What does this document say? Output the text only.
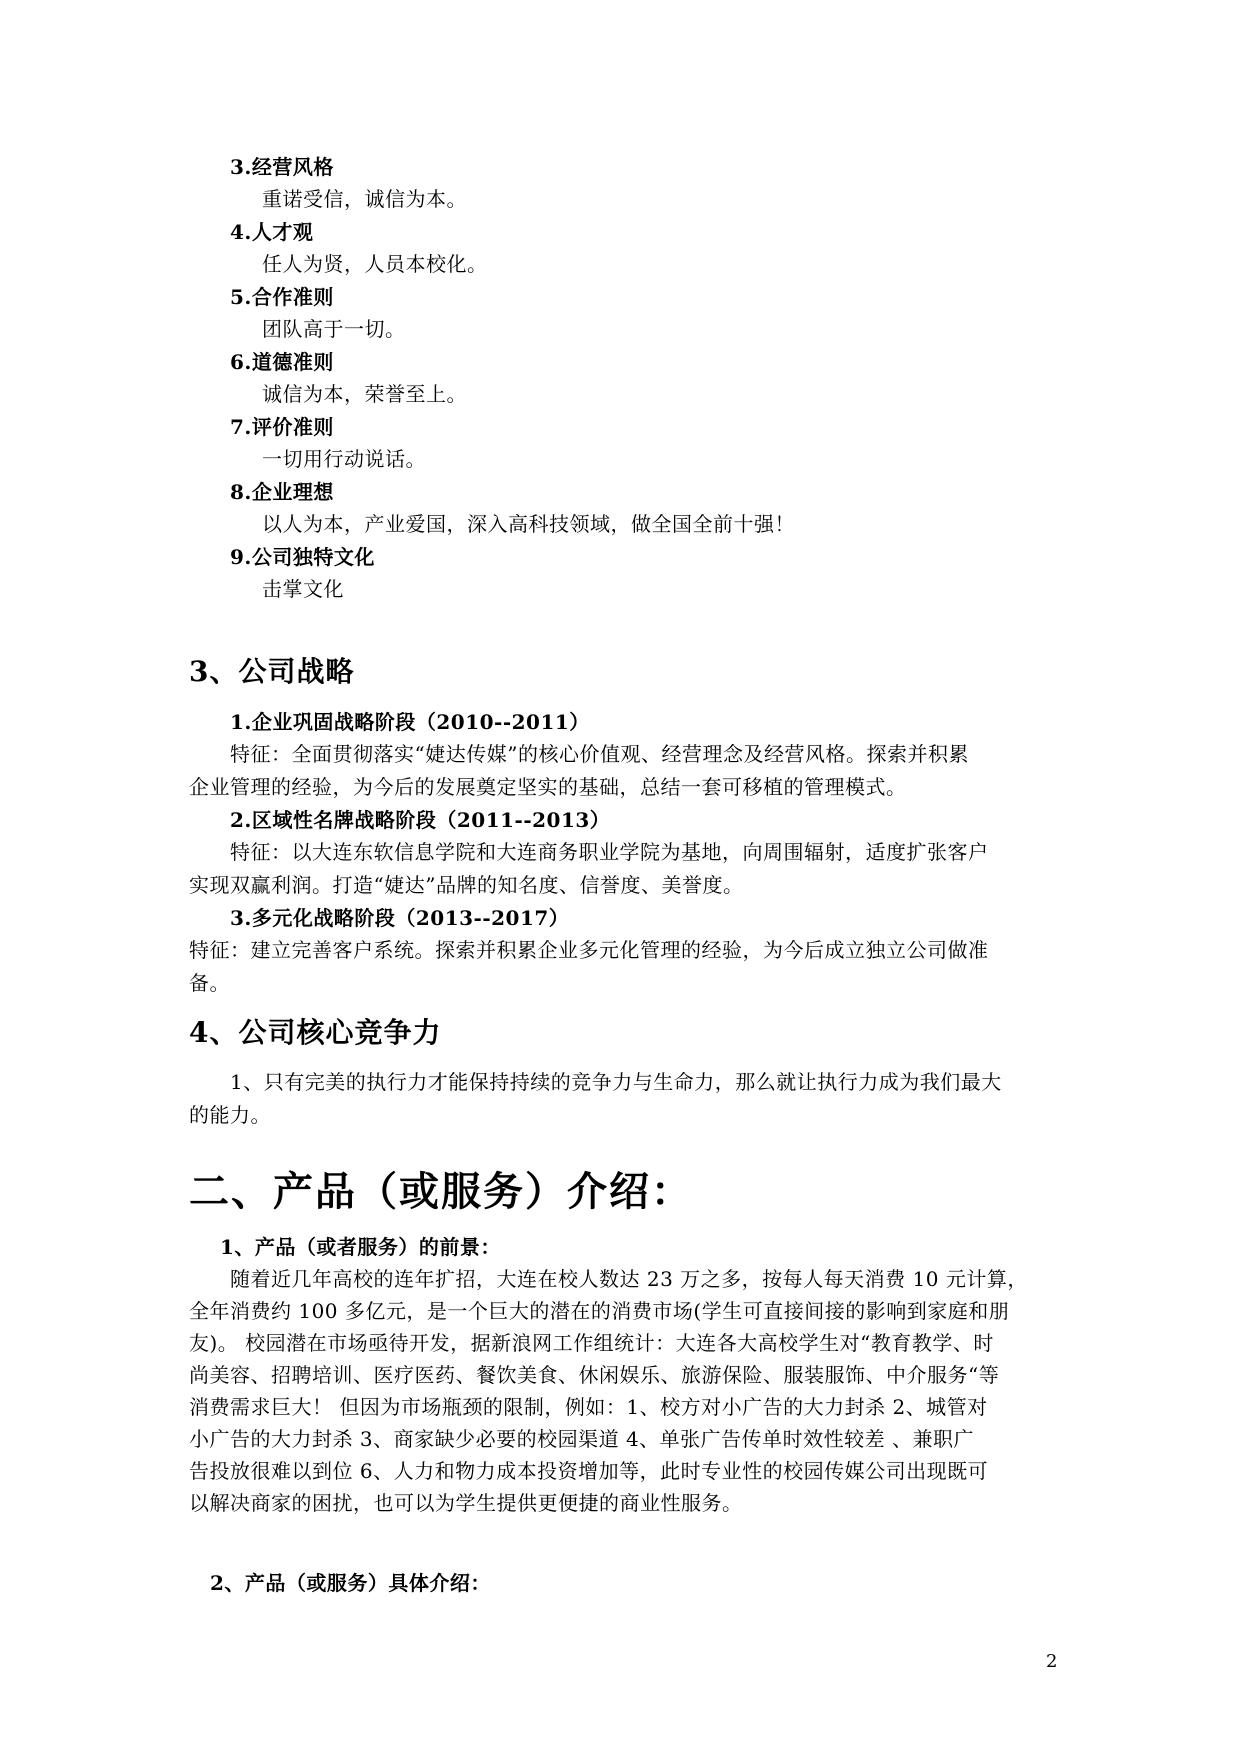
3.经营风格
重诺受信，诚信为本。
4.人才观
任人为贤，人员本校化。
5.合作准则
团队高于一切。
6.道德准则
诚信为本，荣誉至上。
7.评价准则
一切用行动说话。
8.企业理想
以人为本，产业爱国，深入高科技领域，做全国全前十强！
9.公司独特文化
击掌文化
3、公司战略
1.企业巩固战略阶段（2010--2011）
特征：全面贯彻落实“婕达传媒”的核心价值观、经营理念及经营风格。探索并积累
企业管理的经验，为今后的发展奠定坚实的基础，总结一套可移植的管理模式。
2.区域性名牌战略阶段（2011--2013）
特征：以大连东软信息学院和大连商务职业学院为基地，向周围辐射，适度扩张客户
实现双赢利润。打造“婕达”品牌的知名度、信誉度、美誉度。
3.多元化战略阶段（2013--2017）
特征：建立完善客户系统。探索并积累企业多元化管理的经验，为今后成立独立公司做准
备。
4、公司核心竞争力
1、只有完美的执行力才能保持持续的竞争力与生命力，那么就让执行力成为我们最大
的能力。
二、产品（或服务）介绍：
1、产品（或者服务）的前景：
随着近几年高校的连年扩招，大连在校人数达 23 万之多，按每人每天消费 10 元计算，
全年消费约 100 多亿元，是一个巨大的潜在的消费市场(学生可直接间接的影响到家庭和朋
友)。 校园潜在市场亟待开发，据新浪网工作组统计：大连各大高校学生对“教育教学、时
尚美容、招聘培训、医疗医药、餐饮美食、休闲娱乐、旅游保险、服装服饰、中介服务“等
消费需求巨大！ 但因为市场瓶颈的限制，例如：1、校方对小广告的大力封杀 2、城管对
小广告的大力封杀 3、商家缺少必要的校园渠道 4、单张广告传单时效性较差 、兼职广
告投放很难以到位 6、人力和物力成本投资增加等，此时专业性的校园传媒公司出现既可
以解决商家的困扰，也可以为学生提供更便捷的商业性服务。
2、产品（或服务）具体介绍：
2
